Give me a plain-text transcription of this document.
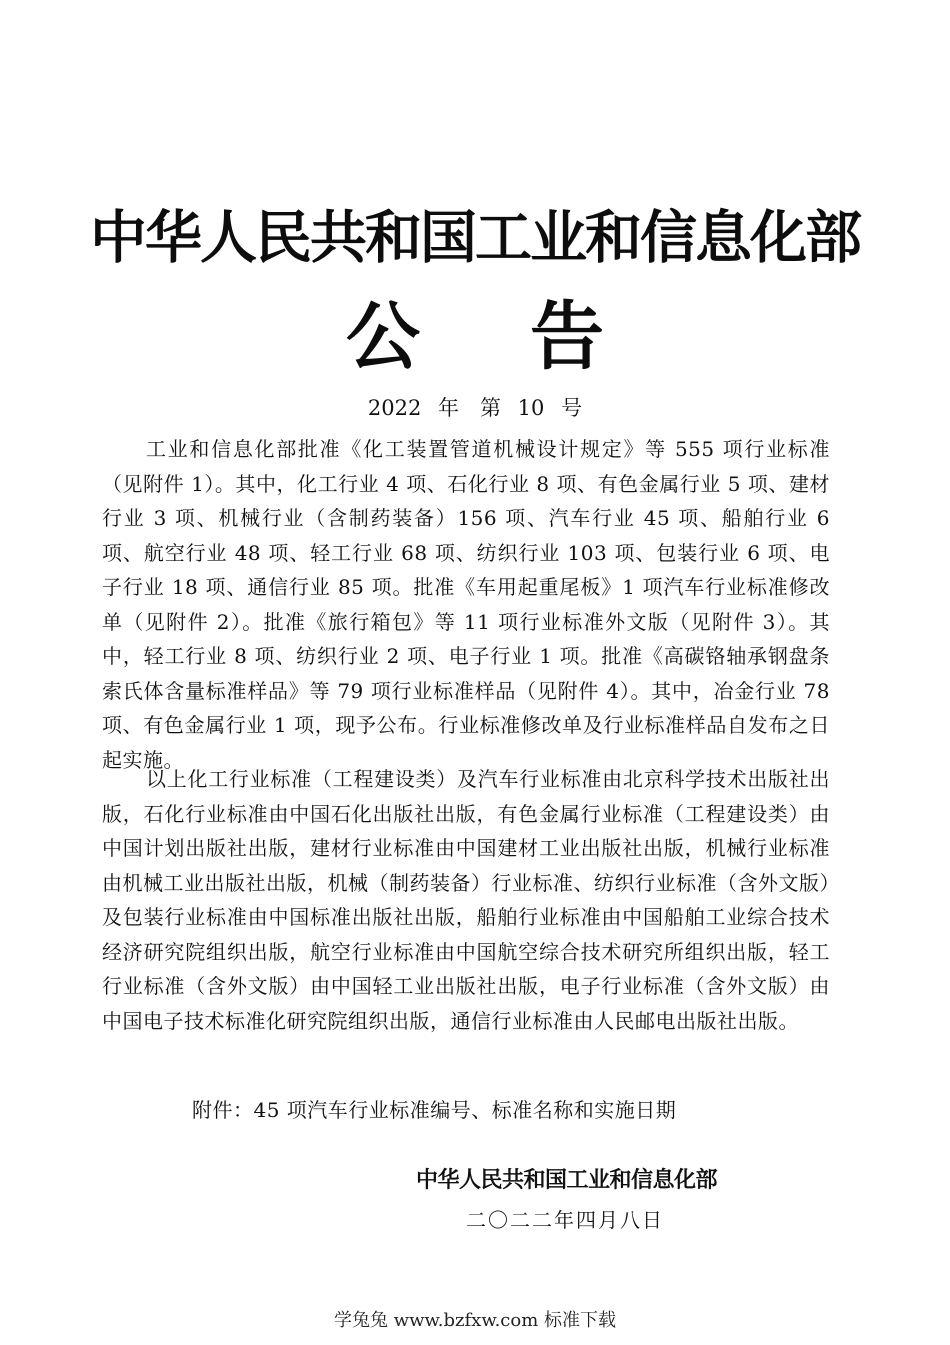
中华人民共和国工业和信息化部
公告
2022 年　第 10 号

工业和信息化部批准《化工装置管道机械设计规定》等 555 项行业标准（见附件 1）。其中，化工行业 4 项、石化行业 8 项、有色金属行业 5 项、建材行业 3 项、机械行业（含制药装备）156 项、汽车行业 45 项、船舶行业 6 项、航空行业 48 项、轻工行业 68 项、纺织行业 103 项、包装行业 6 项、电子行业 18 项、通信行业 85 项。批准《车用起重尾板》1 项汽车行业标准修改单（见附件 2）。批准《旅行箱包》等 11 项行业标准外文版（见附件 3）。其中，轻工行业 8 项、纺织行业 2 项、电子行业 1 项。批准《高碳铬轴承钢盘条索氏体含量标准样品》等 79 项行业标准样品（见附件 4）。其中，冶金行业 78 项、有色金属行业 1 项，现予公布。行业标准修改单及行业标准样品自发布之日起实施。

以上化工行业标准（工程建设类）及汽车行业标准由北京科学技术出版社出版，石化行业标准由中国石化出版社出版，有色金属行业标准（工程建设类）由中国计划出版社出版，建材行业标准由中国建材工业出版社出版，机械行业标准由机械工业出版社出版，机械（制药装备）行业标准、纺织行业标准（含外文版）及包装行业标准由中国标准出版社出版，船舶行业标准由中国船舶工业综合技术经济研究院组织出版，航空行业标准由中国航空综合技术研究所组织出版，轻工行业标准（含外文版）由中国轻工业出版社出版，电子行业标准（含外文版）由中国电子技术标准化研究院组织出版，通信行业标准由人民邮电出版社出版。

附件：45 项汽车行业标准编号、标准名称和实施日期
中华人民共和国工业和信息化部
二〇二二年四月八日
学兔兔 www.bzfxw.com 标准下载
